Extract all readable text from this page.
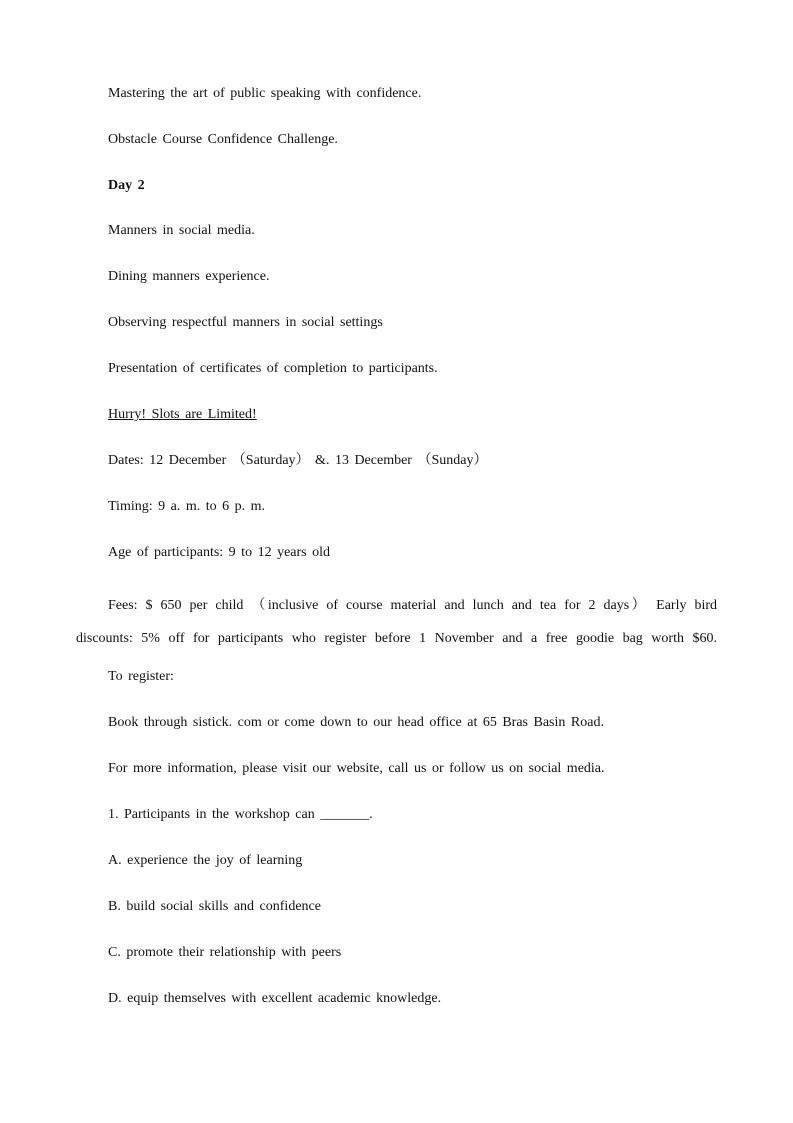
Mastering the art of public speaking with confidence.
Obstacle Course Confidence Challenge.
Day 2
Manners in social media.
Dining manners experience.
Observing respectful manners in social settings
Presentation of certificates of completion to participants.
Hurry! Slots are Limited!
Dates: 12 December （Saturday） &. 13 December （Sunday）
Timing: 9 a. m. to 6 p. m.
Age of participants: 9 to 12 years old
Fees: $ 650 per child （inclusive of course material and lunch and tea for 2 days） Early bird discounts: 5% off for participants who register before 1 November and a free goodie bag worth $60.
To register:
Book through sistick. com or come down to our head office at 65 Bras Basin Road.
For more information, please visit our website, call us or follow us on social media.
1. Participants in the workshop can _______.
A. experience the joy of learning
B. build social skills and confidence
C. promote their relationship with peers
D. equip themselves with excellent academic knowledge.
